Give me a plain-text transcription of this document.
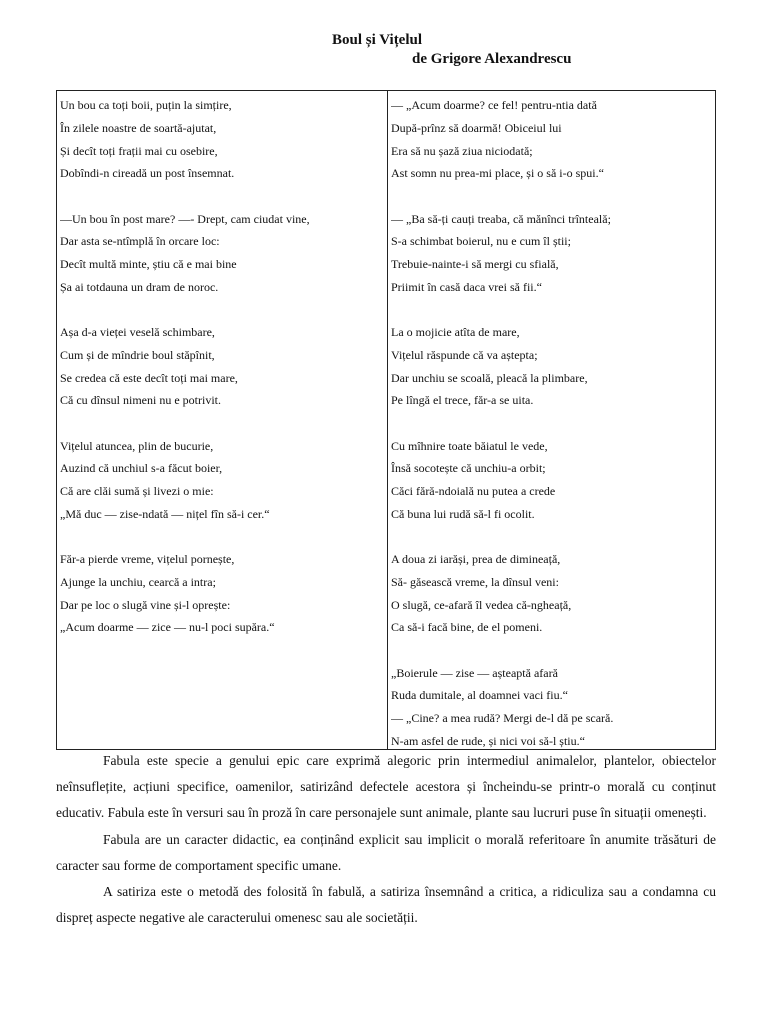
Boul și Vițelul
de Grigore Alexandrescu
Un bou ca toți boii, puțin la simțire,
În zilele noastre de soartă-ajutat,
Și decît toți frații mai cu osebire,
Dobîndi-n cireadă un post însemnat.
—Un bou în post mare? —- Drept, cam ciudat vine,
Dar asta se-ntîmplă în orcare loc:
Decît multă minte, știu că e mai bine
Șa ai totdauna un dram de noroc.
Așa d-a vieței veselă schimbare,
Cum și de mîndrie boul stăpînit,
Se credea că este decît toți mai mare,
Că cu dînsul nimeni nu e potrivit.
Vițelul atuncea, plin de bucurie,
Auzind că unchiul s-a făcut boier,
Că are clăi sumă și livezi o mie:
„Mă duc — zise-ndată — nițel fîn să-i cer.“
Făr-a pierde vreme, vițelul pornește,
Ajunge la unchiu, cearcă a intra;
Dar pe loc o slugă vine și-l oprește:
„Acum doarme — zice — nu-l poci supăra.“
— „Acum doarme? ce fel! pentru-ntia dată
După-prînz să doarmă! Obiceiul lui
Era să nu șază ziua niciodată;
Ast somn nu prea-mi place, și o să i-o spui.“
— „Ba să-ți cauți treaba, că mănînci trînteală;
S-a schimbat boierul, nu e cum îl știi;
Trebuie-nainte-i să mergi cu sfială,
Priimit în casă daca vrei să fii.“
La o mojicie atîta de mare,
Vițelul răspunde că va aștepta;
Dar unchiu se scoală, pleacă la plimbare,
Pe lîngă el trece, făr-a se uita.
Cu mîhnire toate băiatul le vede,
Însă socotește că unchiu-a orbit;
Căci fără-ndoială nu putea a crede
Că buna lui rudă să-l fi ocolit.
A doua zi iarăși, prea de dimineață,
Să- găsească vreme, la dînsul veni:
O slugă, ce-afară îl vedea că-ngheață,
Ca să-i facă bine, de el pomeni.
„Boierule — zise — așteaptă afară
Ruda dumitale, al doamnei vaci fiu.“
— „Cine? a mea rudă? Mergi de-l dă pe scară.
N-am asfel de rude, și nici voi să-l știu.“

Fabula este specie a genului epic care exprimă alegoric prin intermediul animalelor, plantelor, obiectelor neînsuflețite, acțiuni specifice, oamenilor, satirizând defectele acestora și încheindu-se printr-o morală cu conținut educativ. Fabula este în versuri sau în proză în care personajele sunt animale, plante sau lucruri puse în situații omenești.

Fabula are un caracter didactic, ea conținând explicit sau implicit o morală referitoare în anumite trăsături de caracter sau forme de comportament specific umane.

A satiriza este o metodă des folosită în fabulă, a satiriza însemnând a critica, a ridiculiza sau a condamna cu dispreț aspecte negative ale caracterului omenesc sau ale societății.
